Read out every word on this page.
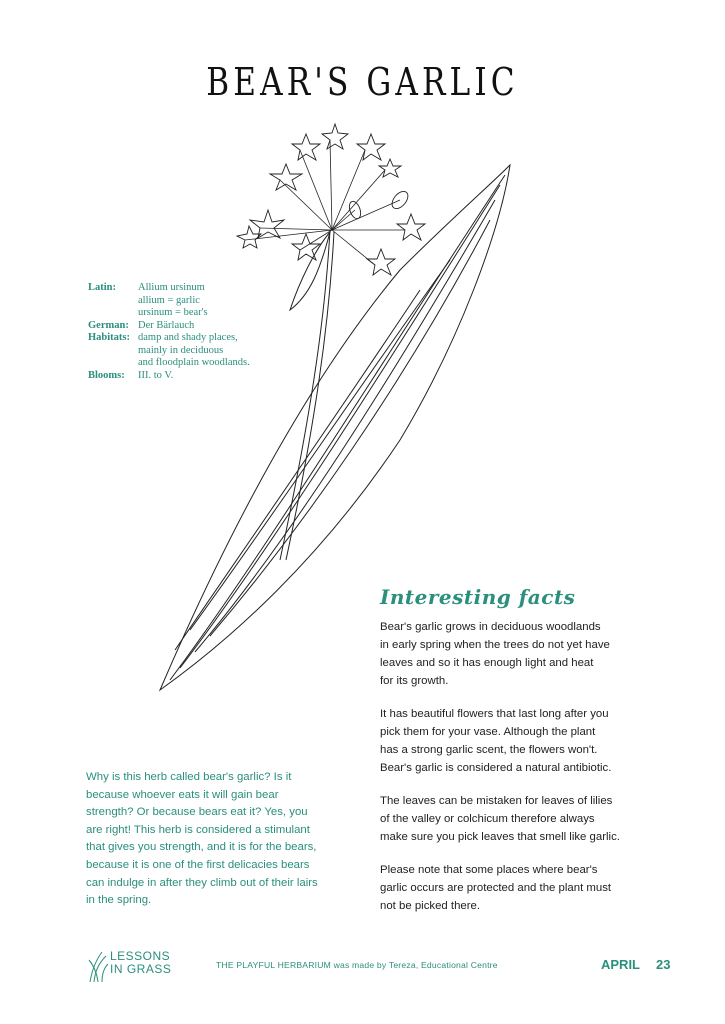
BEAR'S GARLIC
Latin:	Allium ursinum
	allium = garlic
	ursinum = bear's
German:	Der Bärlauch
Habitats:	damp and shady places,
	mainly in deciduous
	and floodplain woodlands.
Blooms:	III. to V.
Interesting facts

Bear's garlic grows in deciduous woodlands
in early spring when the trees do not yet have
leaves and so it has enough light and heat
for its growth.

It has beautiful flowers that last long after you
pick them for your vase. Although the plant
has a strong garlic scent, the flowers won't.
Bear's garlic is considered a natural antibiotic.

The leaves can be mistaken for leaves of lilies
of the valley or colchicum therefore always
make sure you pick leaves that smell like garlic.

Please note that some places where bear's
garlic occurs are protected and the plant must
not be picked there.

Why is this herb called bear's garlic? Is it
because whoever eats it will gain bear
strength? Or because bears eat it? Yes, you
are right! This herb is considered a stimulant
that gives you strength, and it is for the bears,
because it is one of the first delicacies bears
can indulge in after they climb out of their lairs
in the spring.

LESSONS
IN GRASS	THE PLAYFUL HERBARIUM was made by Tereza, Educational Centre	APRIL 23
